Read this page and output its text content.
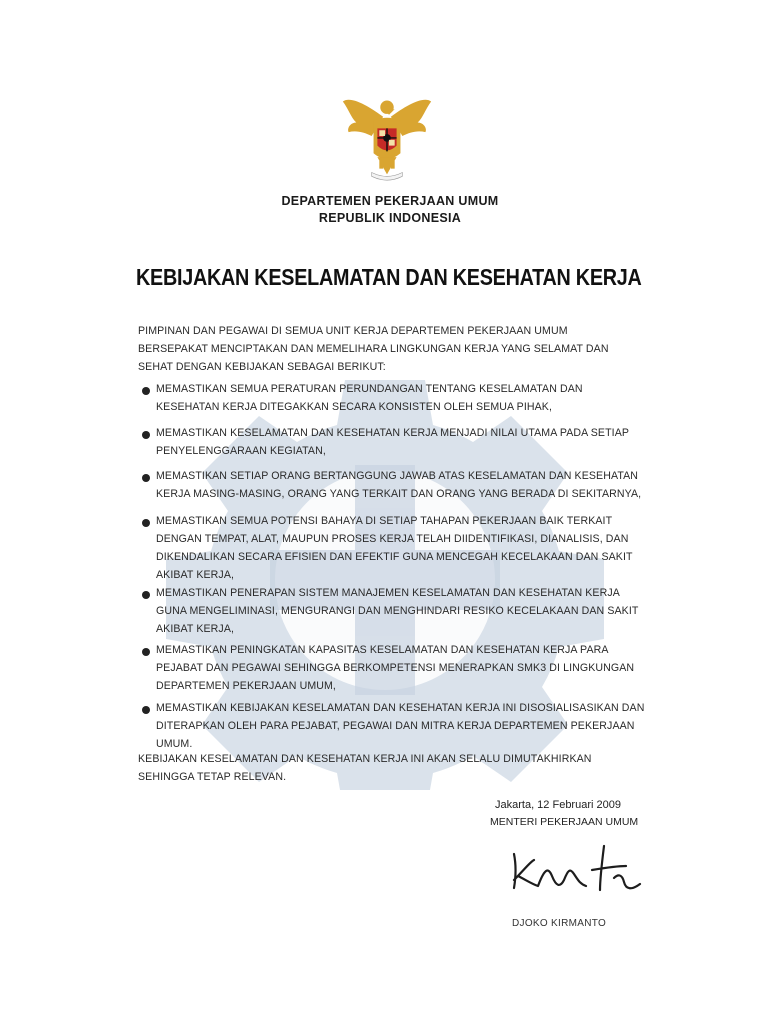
DEPARTEMEN PEKERJAAN UMUM
REPUBLIK INDONESIA
KEBIJAKAN KESELAMATAN DAN KESEHATAN KERJA
PIMPINAN DAN PEGAWAI DI SEMUA UNIT KERJA DEPARTEMEN PEKERJAAN UMUM BERSEPAKAT MENCIPTAKAN DAN MEMELIHARA LINGKUNGAN KERJA YANG SELAMAT DAN SEHAT DENGAN KEBIJAKAN SEBAGAI BERIKUT:
MEMASTIKAN SEMUA PERATURAN PERUNDANGAN TENTANG KESELAMATAN DAN KESEHATAN KERJA DITEGAKKAN SECARA KONSISTEN OLEH SEMUA PIHAK,
MEMASTIKAN KESELAMATAN DAN KESEHATAN KERJA MENJADI NILAI UTAMA PADA SETIAP PENYELENGGARAAN KEGIATAN,
MEMASTIKAN SETIAP ORANG BERTANGGUNG JAWAB ATAS KESELAMATAN DAN KESEHATAN KERJA MASING-MASING, ORANG YANG TERKAIT DAN ORANG YANG BERADA DI SEKITARNYA,
MEMASTIKAN SEMUA POTENSI BAHAYA DI SETIAP TAHAPAN PEKERJAAN BAIK TERKAIT DENGAN TEMPAT, ALAT, MAUPUN PROSES KERJA TELAH DIIDENTIFIKASI, DIANALISIS, DAN DIKENDALIKAN SECARA EFISIEN DAN EFEKTIF GUNA MENCEGAH KECELAKAAN DAN SAKIT AKIBAT KERJA,
MEMASTIKAN PENERAPAN SISTEM MANAJEMEN KESELAMATAN DAN KESEHATAN KERJA GUNA MENGELIMINASI, MENGURANGI DAN MENGHINDARI RESIKO KECELAKAAN DAN SAKIT AKIBAT KERJA,
MEMASTIKAN PENINGKATAN KAPASITAS KESELAMATAN DAN KESEHATAN KERJA PARA PEJABAT DAN PEGAWAI SEHINGGA BERKOMPETENSI MENERAPKAN SMK3 DI LINGKUNGAN DEPARTEMEN PEKERJAAN UMUM,
MEMASTIKAN KEBIJAKAN KESELAMATAN DAN KESEHATAN KERJA INI DISOSIALISASIKAN DAN DITERAPKAN OLEH PARA PEJABAT, PEGAWAI DAN MITRA KERJA DEPARTEMEN PEKERJAAN UMUM.
KEBIJAKAN KESELAMATAN DAN KESEHATAN KERJA INI AKAN SELALU DIMUTAKHIRKAN SEHINGGA TETAP RELEVAN.
Jakarta, 12 Februari 2009
MENTERI PEKERJAAN UMUM
DJOKO KIRMANTO
